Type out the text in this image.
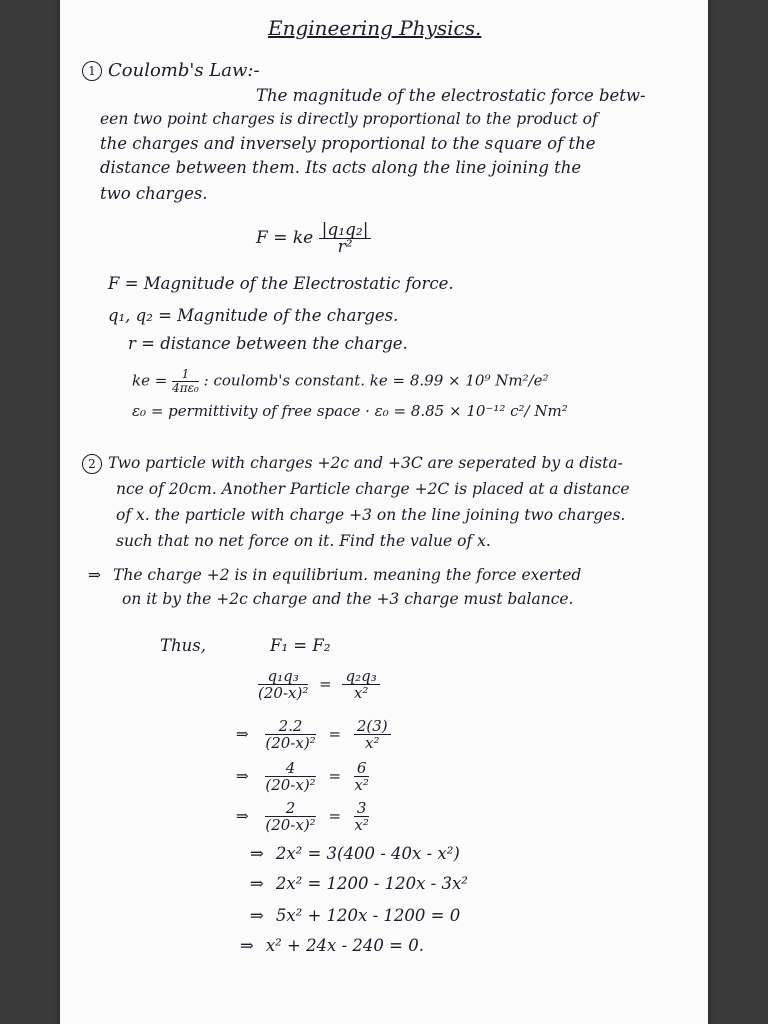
Engineering Physics.
1 Coulomb's Law:-
The magnitude of the electrostatic force betw-
een two point charges is directly proportional to the product of
the charges and inversely proportional to the square of the
distance between them. Its acts along the line joining the
two charges.
F = ke $\frac{\text{|q₁q₂|}}{\text{r²}}$
F = Magnitude of the Electrostatic force.
q₁, q₂ = Magnitude of the charges.
r = distance between the charge.
ke = $\frac{1}{\text{4πε₀}}$ : coulomb's constant. ke = 8.99 × 10⁹ Nm²/e²
ε₀ = permittivity of free space · ε₀ = 8.85 × 10⁻¹² c²/ Nm²
2 Two particle with charges +2c and +3C are seperated by a dista-
nce of 20cm. Another Particle charge +2C is placed at a distance
of x. the particle with charge +3 on the line joining two charges.
such that no net force on it. Find the value of x.
⇒ The charge +2 is in equilibrium. meaning the force exerted
on it by the +2c charge and the +3 charge must balance.
Thus,	F₁ = F₂
$\frac{\text{q₁q₃}}{\text{(20-x)²}} = \frac{\text{q₂q₃}}{\text{x²}}$
⇒ $\frac{2.2}{\text{(20-x)²}} = \frac{2(3)}{\text{x²}}$
⇒ $\frac{4}{\text{(20-x)²}} = \frac{6}{\text{x²}}$
⇒ $\frac{2}{\text{(20-x)²}} = \frac{3}{\text{x²}}$
⇒ 2x² = 3(400 - 40x - x²)
⇒ 2x² = 1200 - 120x - 3x²
⇒ 5x² + 120x - 1200 = 0
⇒ x² + 24x - 240 = 0.
